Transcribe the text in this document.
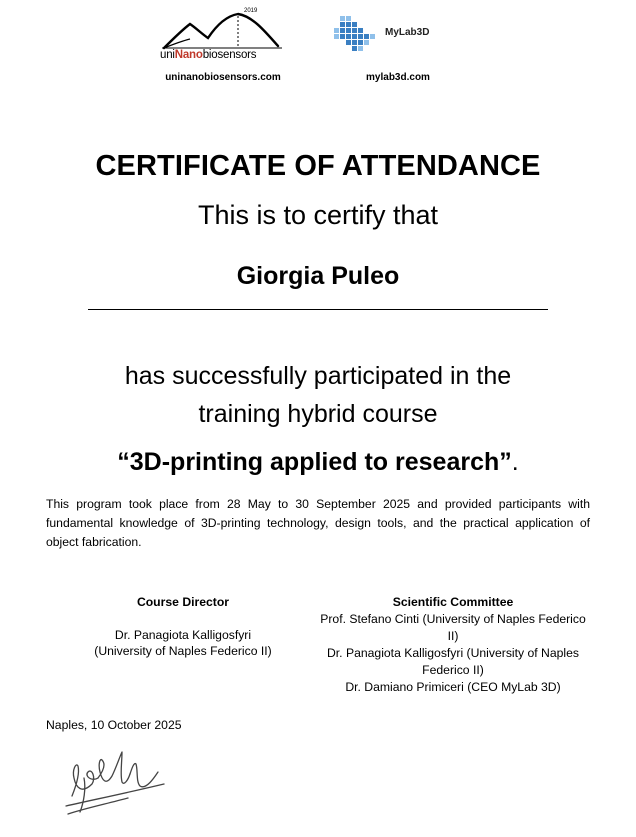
2019
uniNanobiosensors
uninanobiosensors.com
MyLab3D
mylab3d.com
CERTIFICATE OF ATTENDANCE
This is to certify that
Giorgia Puleo
has successfully participated in the
training hybrid course
“3D-printing applied to research”.
This program took place from 28 May to 30 September 2025 and provided participants with fundamental knowledge of 3D-printing technology, design tools, and the practical application of object fabrication.
Course Director
Dr. Panagiota Kalligosfyri
(University of Naples Federico II)
Scientific Committee
Prof. Stefano Cinti (University of Naples Federico II)
Dr. Panagiota Kalligosfyri (University of Naples Federico II)
Dr. Damiano Primiceri (CEO MyLab 3D)
Naples, 10 October 2025
